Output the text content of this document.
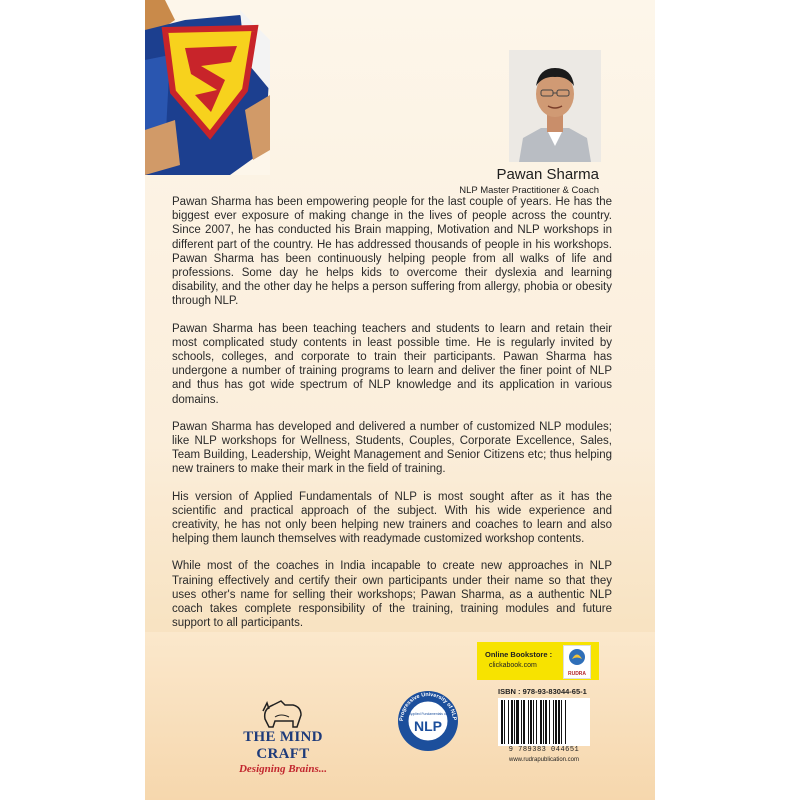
Pawan Sharma
NLP Master Practitioner & Coach

Pawan Sharma has been empowering people for the last couple of years. He has the biggest ever exposure of making change in the lives of people across the country. Since 2007, he has conducted his Brain mapping, Motivation and NLP workshops in different part of the country. He has addressed thousands of people in his workshops. Pawan Sharma has been continuously helping people from all walks of life and professions. Some day he helps kids to overcome their dyslexia and learning disability, and the other day he helps a person suffering from allergy, phobia or obesity through NLP.

Pawan Sharma has been teaching teachers and students to learn and retain their most complicated study contents in least possible time. He is regularly invited by schools, colleges, and corporate to train their participants. Pawan Sharma has undergone a number of training programs to learn and deliver the finer point of NLP and thus has got wide spectrum of NLP knowledge and its application in various domains.

Pawan Sharma has developed and delivered a number of customized NLP modules; like NLP workshops for Wellness, Students, Couples, Corporate Excellence, Sales, Team Building, Leadership, Weight Management and Senior Citizens etc; thus helping new trainers to make their mark in the field of training.

His version of Applied Fundamentals of NLP is most sought after as it has the scientific and practical approach of the subject. With his wide experience and creativity, he has not only been helping new trainers and coaches to learn and also helping them launch themselves with readymade customized workshop contents.

While most of the coaches in India incapable to create new approaches in NLP Training effectively and certify their own participants under their name so that they uses other's name for selling their workshops; Pawan Sharma, as a authentic NLP coach takes complete responsibility of the training, training modules and future support to all participants.

THE MIND CRAFT
Designing Brains...
Progressive University of NLP
Applied Fundamentals of
NLP
Online Bookstore :
clickabook.com
RUDRA
ISBN : 978-93-83044-65-1
9 789383 044651
www.rudrapublication.com
